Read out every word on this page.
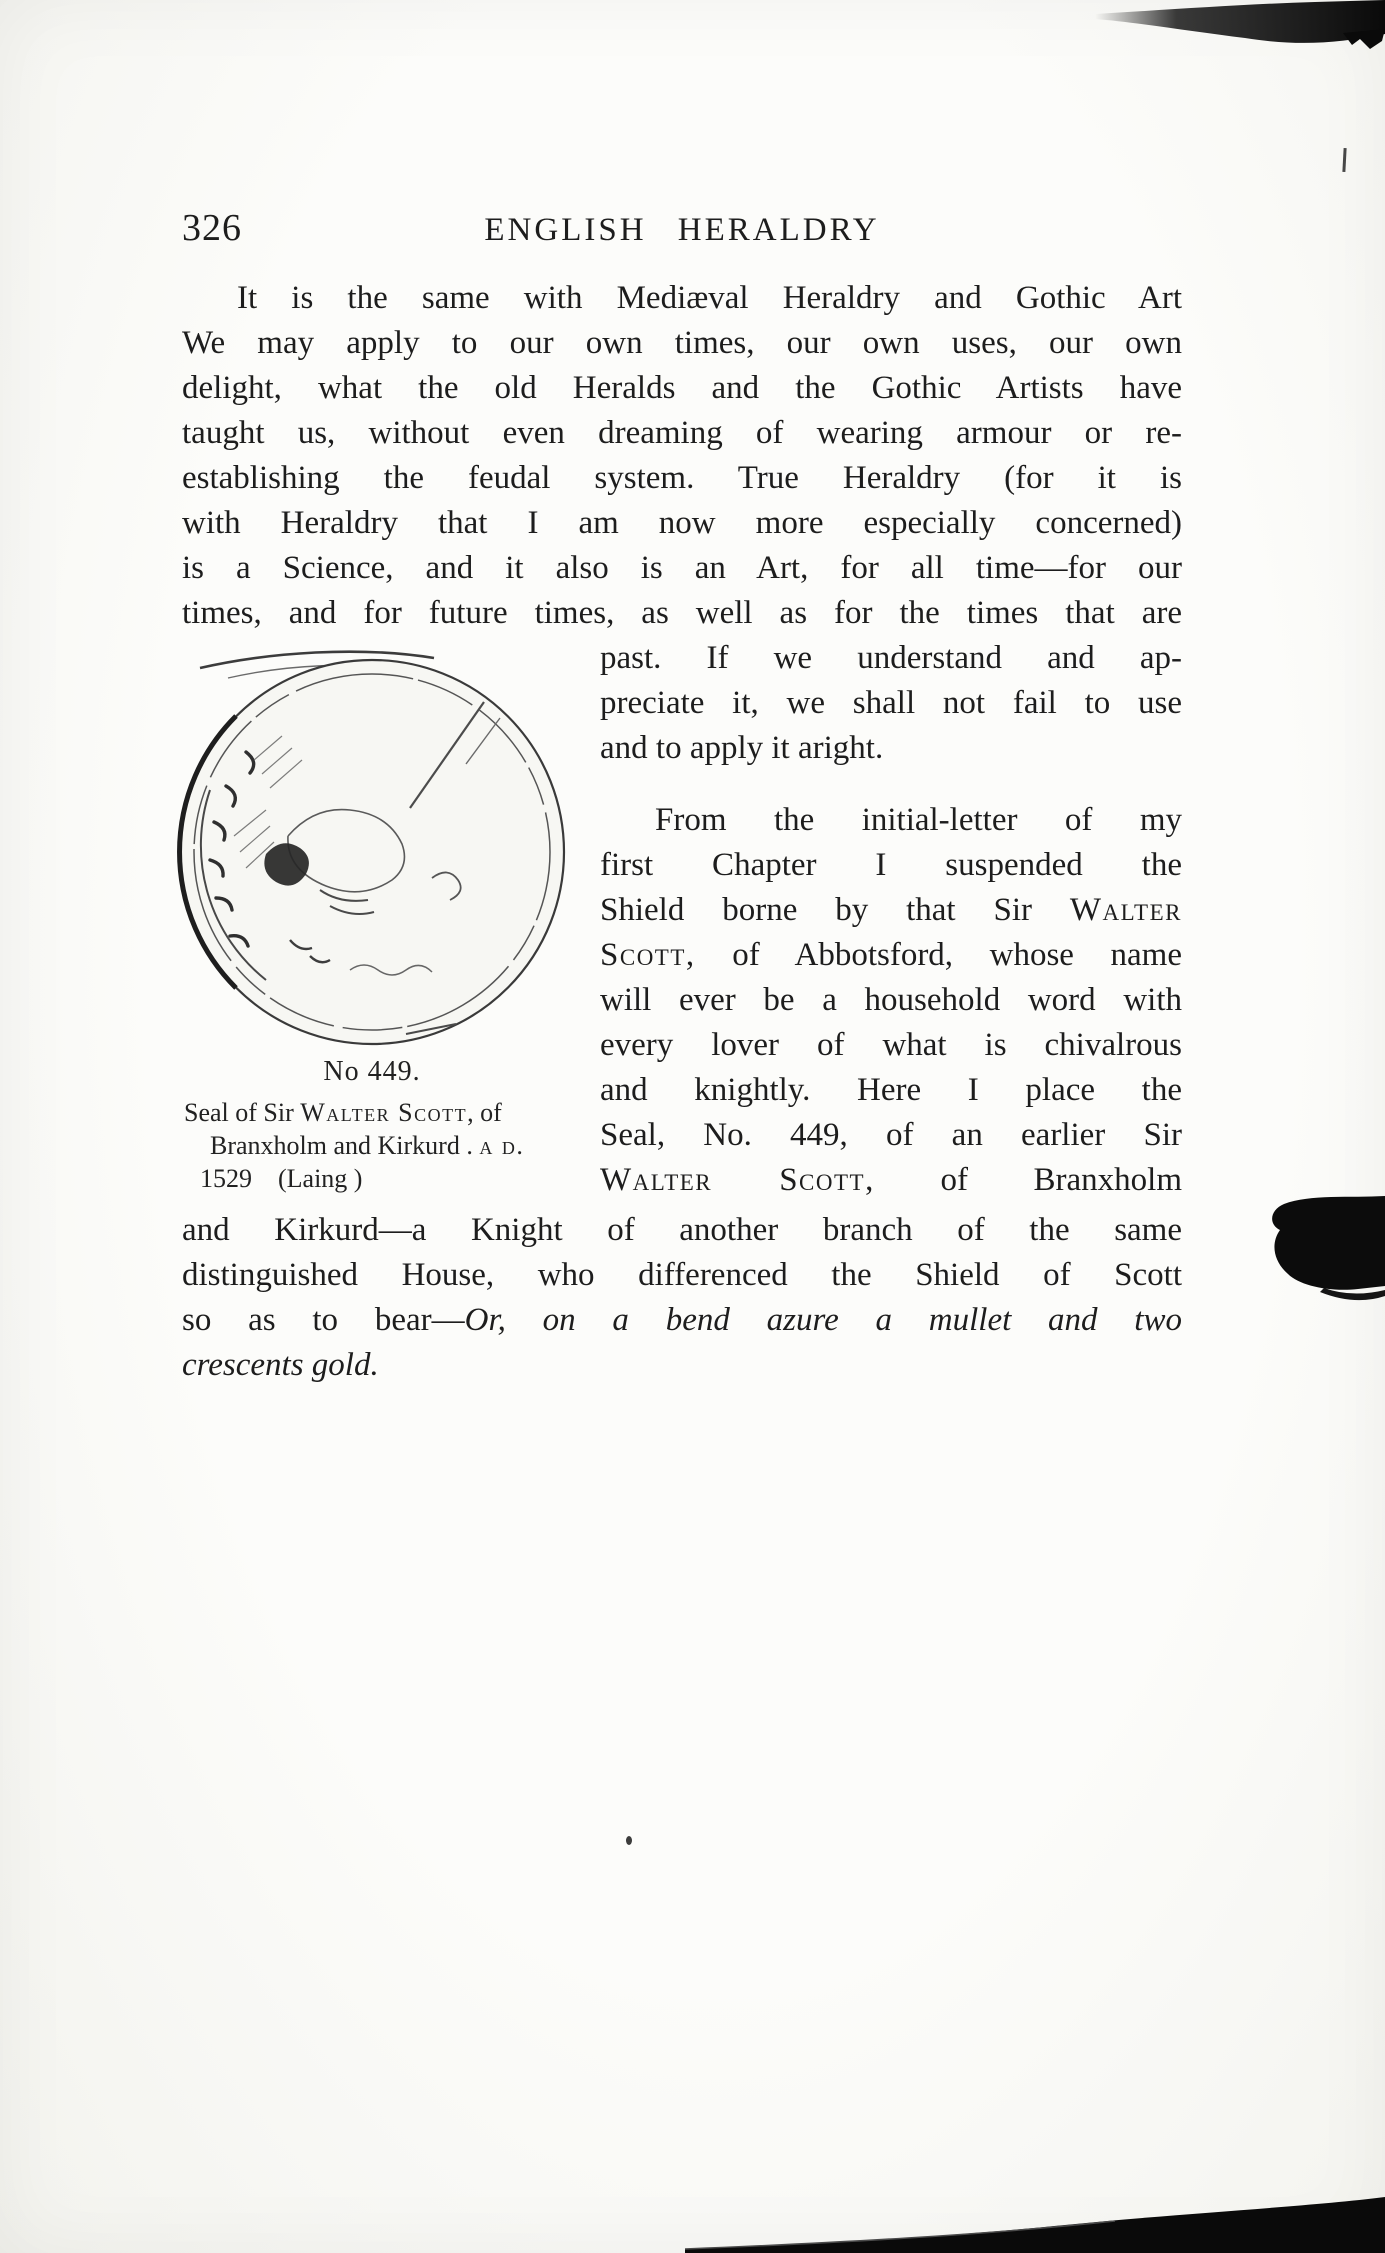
326	ENGLISH HERALDRY
It is the same with Mediæval Heraldry and Gothic Art
We may apply to our own times, our own uses, our own
delight, what the old Heralds and the Gothic Artists have
taught us, without even dreaming of wearing armour or re-
establishing the feudal system. True Heraldry (for it is
with Heraldry that I am now more especially concerned)
is a Science, and it also is an Art, for all time—for our
times, and for future times, as well as for the times that are
past. If we understand and ap-
preciate it, we shall not fail to use
and to apply it aright.
No 449.
Seal of Sir Walter Scott, of
Branxholm and Kirkurd . a d.
1529    (Laing )
From the initial-letter of my
first Chapter I suspended the
Shield borne by that Sir Walter
Scott, of Abbotsford, whose name
will ever be a household word with
every lover of what is chivalrous
and knightly. Here I place the
Seal, No. 449, of an earlier Sir
Walter Scott, of Branxholm
and Kirkurd—a Knight of another branch of the same
distinguished House, who differenced the Shield of Scott
so as to bear—Or, on a bend azure a mullet and two
crescents gold.
